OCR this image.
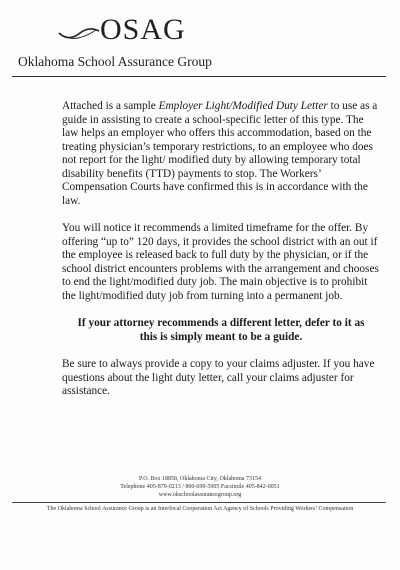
OSAG
Oklahoma School Assurance Group

Attached is a sample Employer Light/Modified Duty Letter to use as a guide in assisting to create a school-specific letter of this type. The law helps an employer who offers this accommodation, based on the treating physician’s temporary restrictions, to an employee who does not report for the light/ modified duty by allowing temporary total disability benefits (TTD) payments to stop. The Workers’ Compensation Courts have confirmed this is in accordance with the law.

You will notice it recommends a limited timeframe for the offer. By offering “up to” 120 days, it provides the school district with an out if the employee is released back to full duty by the physician, or if the school district encounters problems with the arrangement and chooses to end the light/modified duty job. The main objective is to prohibit the light/modified duty job from turning into a permanent job.

If your attorney recommends a different letter, defer to it as
this is simply meant to be a guide.

Be sure to always provide a copy to your claims adjuster. If you have questions about the light duty letter, call your claims adjuster for assistance.

P.O. Box 18858, Oklahoma City, Oklahoma 73154
Telephone 405-879-0213 / 800-699-5905 Facsimile 405-842-0051
www.okschoolassurancegroup.org
The Oklahoma School Assurance Group is an Interlocal Cooperation Act Agency of Schools Providing Workers’ Compensation
